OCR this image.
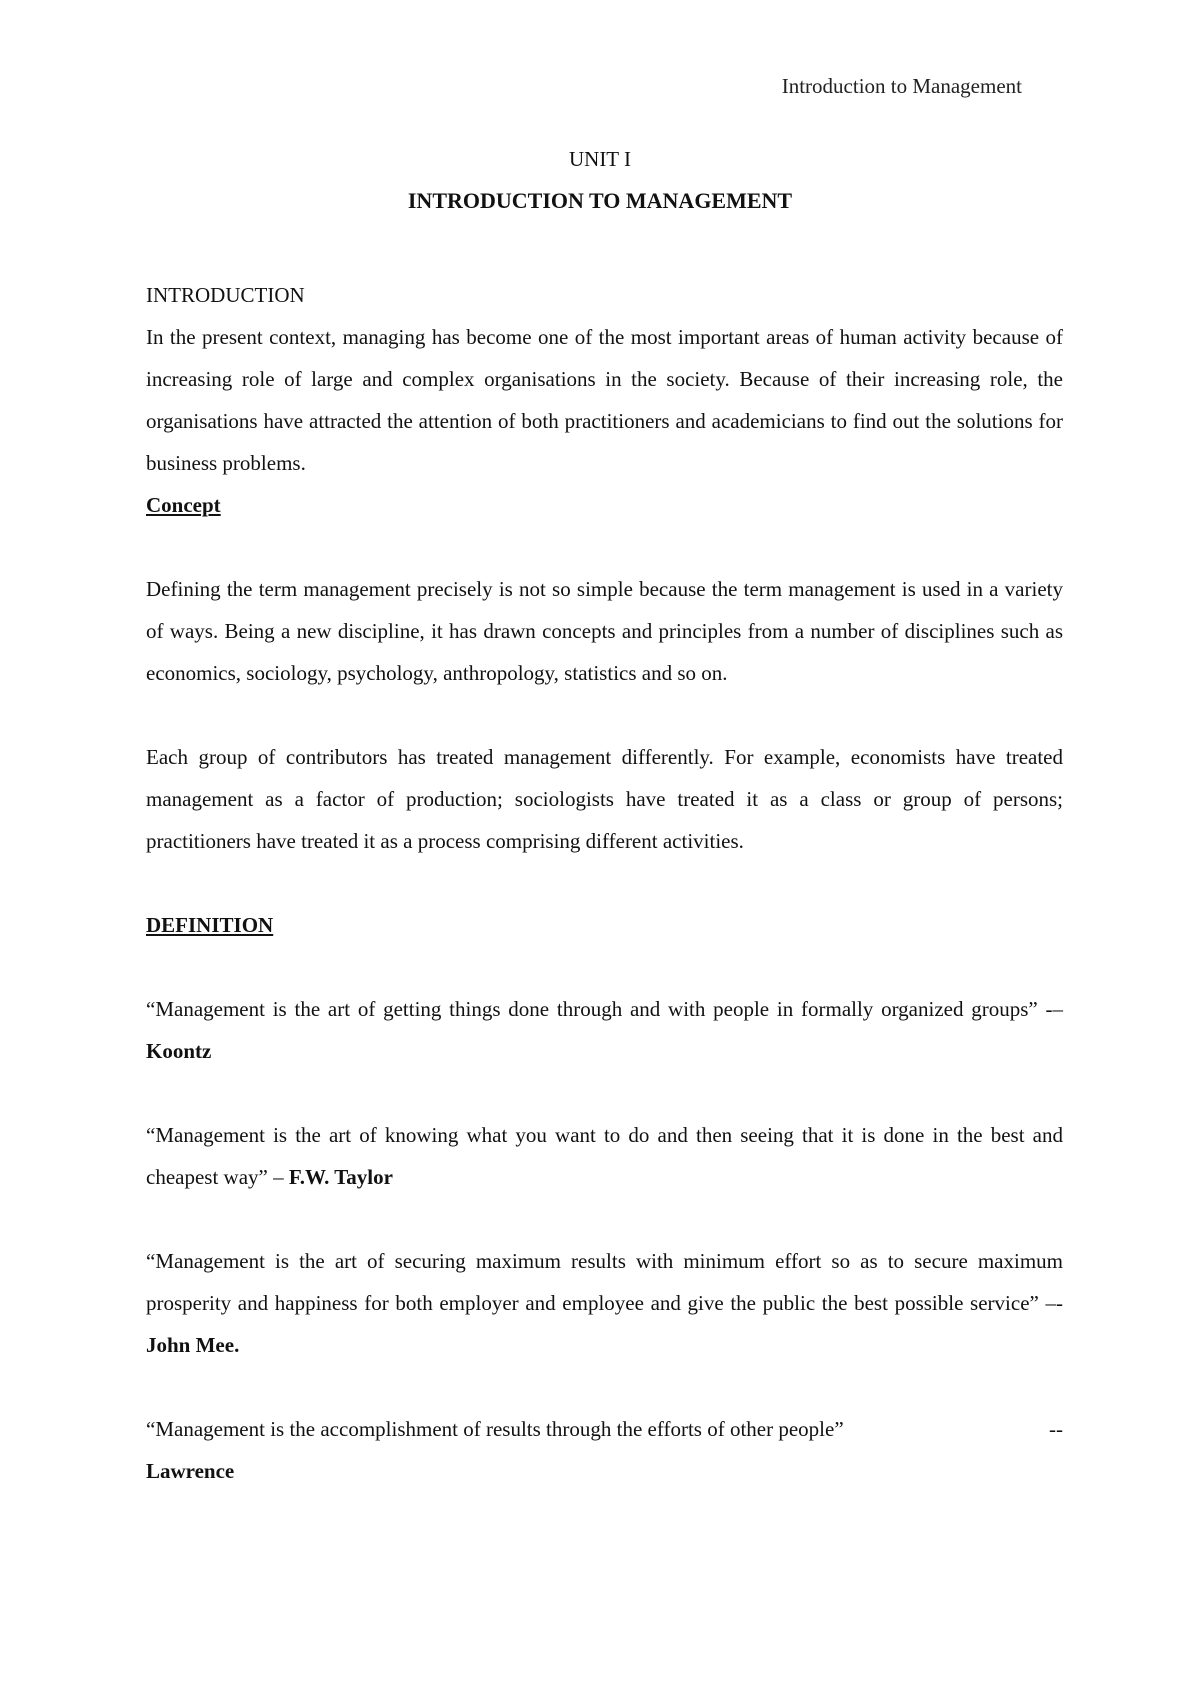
Introduction to Management
UNIT I
INTRODUCTION TO MANAGEMENT

INTRODUCTION

In the present context, managing has become one of the most important areas of human activity because of increasing role of large and complex organisations in the society. Because of their increasing role, the organisations have attracted the attention of both practitioners and academicians to find out the solutions for business problems.

Concept

Defining the term management precisely is not so simple because the term management is used in a variety of ways. Being a new discipline, it has drawn concepts and principles from a number of disciplines such as economics, sociology, psychology, anthropology, statistics and so on.

Each group of contributors has treated management differently. For example, economists have treated management as a factor of production; sociologists have treated it as a class or group of persons; practitioners have treated it as a process comprising different activities.

DEFINITION

“Management is the art of getting things done through and with people in formally organized groups” -– Koontz

“Management is the art of knowing what you want to do and then seeing that it is done in the best and cheapest way” – F.W. Taylor

“Management is the art of securing maximum results with minimum effort so as to secure maximum prosperity and happiness for both employer and employee and give the public the best possible service” –- John Mee.

“Management is the accomplishment of results through the efforts of other people”	--

Lawrence
